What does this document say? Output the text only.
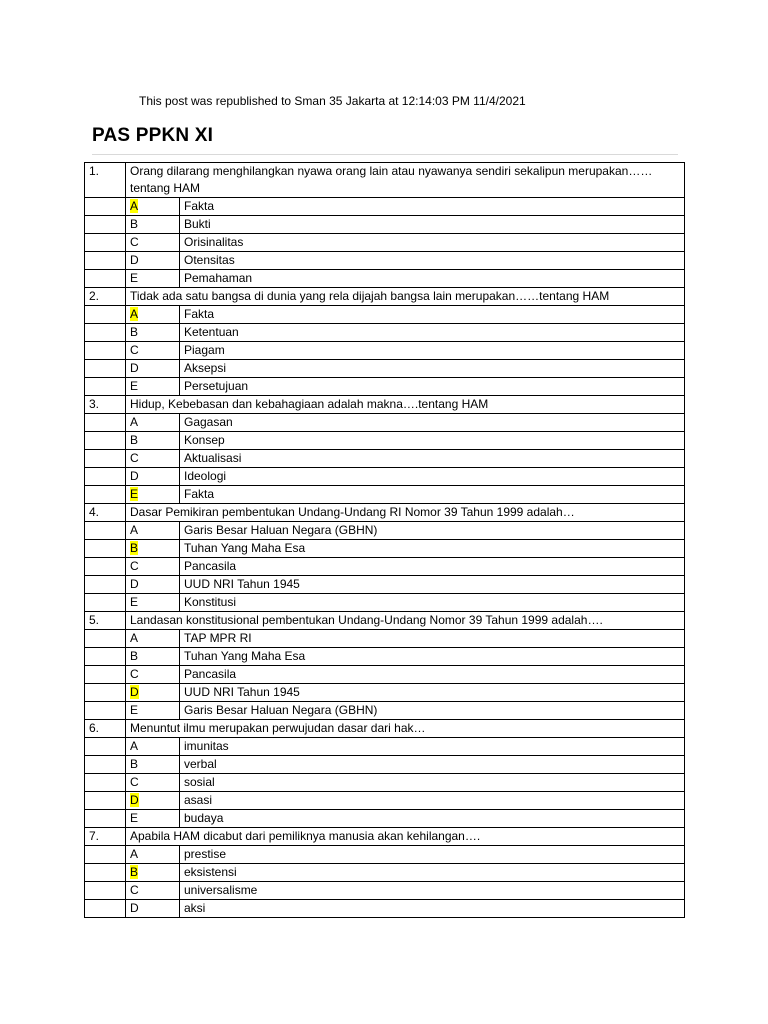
This post was republished to Sman 35 Jakarta at 12:14:03 PM 11/4/2021
PAS PPKN XI
1.	Orang dilarang menghilangkan nyawa orang lain atau nyawanya sendiri sekalipun merupakan…… tentang HAM	
	A	Fakta
	B	Bukti
	C	Orisinalitas
	D	Otensitas
	E	Pemahaman
2.	Tidak ada satu bangsa di dunia yang rela dijajah bangsa lain merupakan……tentang HAM	
	A	Fakta
	B	Ketentuan
	C	Piagam
	D	Aksepsi
	E	Persetujuan
3.	Hidup, Kebebasan dan kebahagiaan adalah makna….tentang HAM	
	A	Gagasan
	B	Konsep
	C	Aktualisasi
	D	Ideologi
	E	Fakta
4.	Dasar Pemikiran pembentukan Undang-Undang RI Nomor 39 Tahun 1999 adalah…	
	A	Garis Besar Haluan Negara (GBHN)
	B	Tuhan Yang Maha Esa
	C	Pancasila
	D	UUD NRI Tahun 1945
	E	Konstitusi
5.	Landasan konstitusional pembentukan Undang-Undang Nomor 39 Tahun 1999 adalah….	
	A	TAP MPR RI
	B	Tuhan Yang Maha Esa
	C	Pancasila
	D	UUD NRI Tahun 1945
	E	Garis Besar Haluan Negara (GBHN)
6.	Menuntut ilmu merupakan perwujudan dasar dari hak…	
	A	imunitas
	B	verbal
	C	sosial
	D	asasi
	E	budaya
7.	Apabila HAM dicabut dari pemiliknya manusia akan kehilangan….	
	A	prestise
	B	eksistensi
	C	universalisme
	D	aksi
